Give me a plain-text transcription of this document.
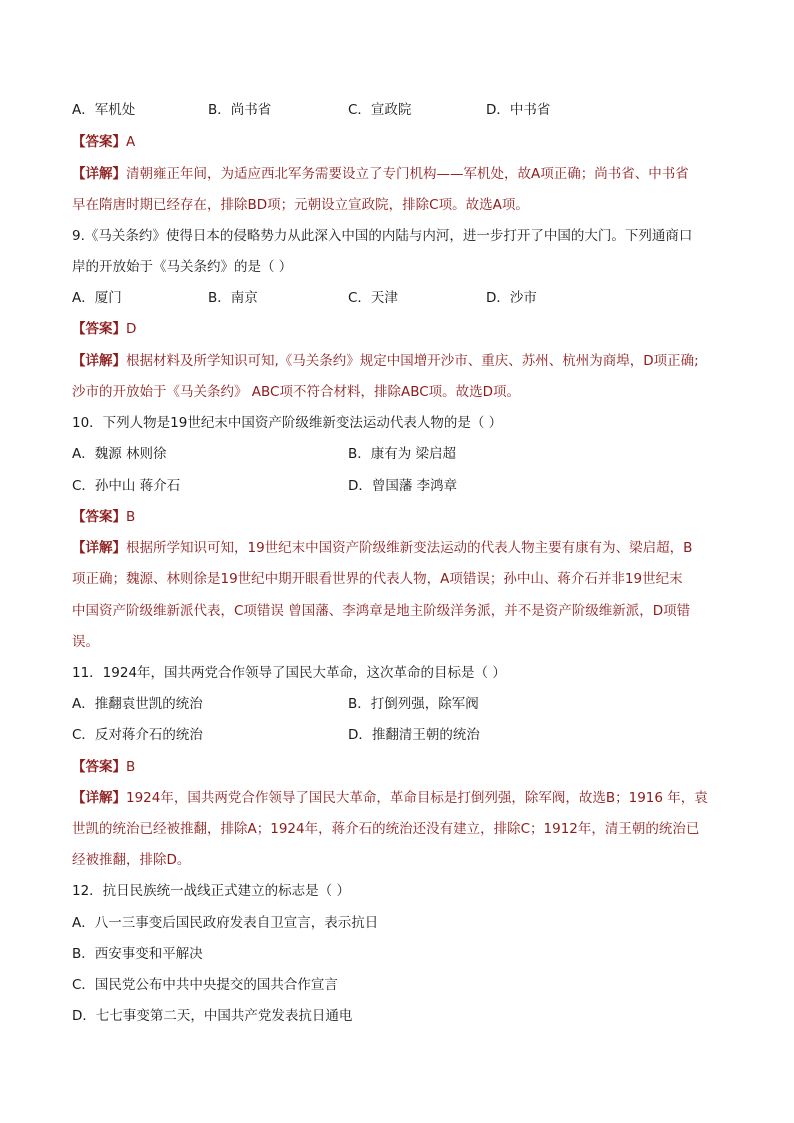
A．军机处	B．尚书省	C．宣政院	D．中书省
【答案】A
【详解】清朝雍正年间，为适应西北军务需要设立了专门机构——军机处，故A项正确；尚书省、中书省
早在隋唐时期已经存在，排除BD项；元朝设立宣政院，排除C项。故选A项。
9.《马关条约》使得日本的侵略势力从此深入中国的内陆与内河，进一步打开了中国的大门。下列通商口
岸的开放始于《马关条约》的是（ ）
A．厦门	B．南京	C．天津	D．沙市
【答案】D
【详解】根据材料及所学知识可知,《马关条约》规定中国增开沙市、重庆、苏州、杭州为商埠，D项正确;
沙市的开放始于《马关条约》 ABC项不符合材料，排除ABC项。故选D项。
10．下列人物是19世纪末中国资产阶级维新变法运动代表人物的是（ ）
A．魏源 林则徐	B．康有为 梁启超
C．孙中山 蒋介石	D．曾国藩 李鸿章
【答案】B
【详解】根据所学知识可知，19世纪末中国资产阶级维新变法运动的代表人物主要有康有为、梁启超，B
项正确；魏源、林则徐是19世纪中期开眼看世界的代表人物，A项错误；孙中山、蒋介石并非19世纪末
中国资产阶级维新派代表，C项错误 曾国藩、李鸿章是地主阶级洋务派，并不是资产阶级维新派，D项错
误。
11．1924年，国共两党合作领导了国民大革命，这次革命的目标是（ ）
A．推翻袁世凯的统治	B．打倒列强，除军阀
C．反对蒋介石的统治	D．推翻清王朝的统治
【答案】B
【详解】1924年，国共两党合作领导了国民大革命，革命目标是打倒列强，除军阀，故选B；1916 年，袁
世凯的统治已经被推翻，排除A；1924年，蒋介石的统治还没有建立，排除C；1912年，清王朝的统治已
经被推翻，排除D。
12．抗日民族统一战线正式建立的标志是（ ）
A．八一三事变后国民政府发表自卫宣言，表示抗日
B．西安事变和平解决
C．国民党公布中共中央提交的国共合作宣言
D．七七事变第二天，中国共产党发表抗日通电
